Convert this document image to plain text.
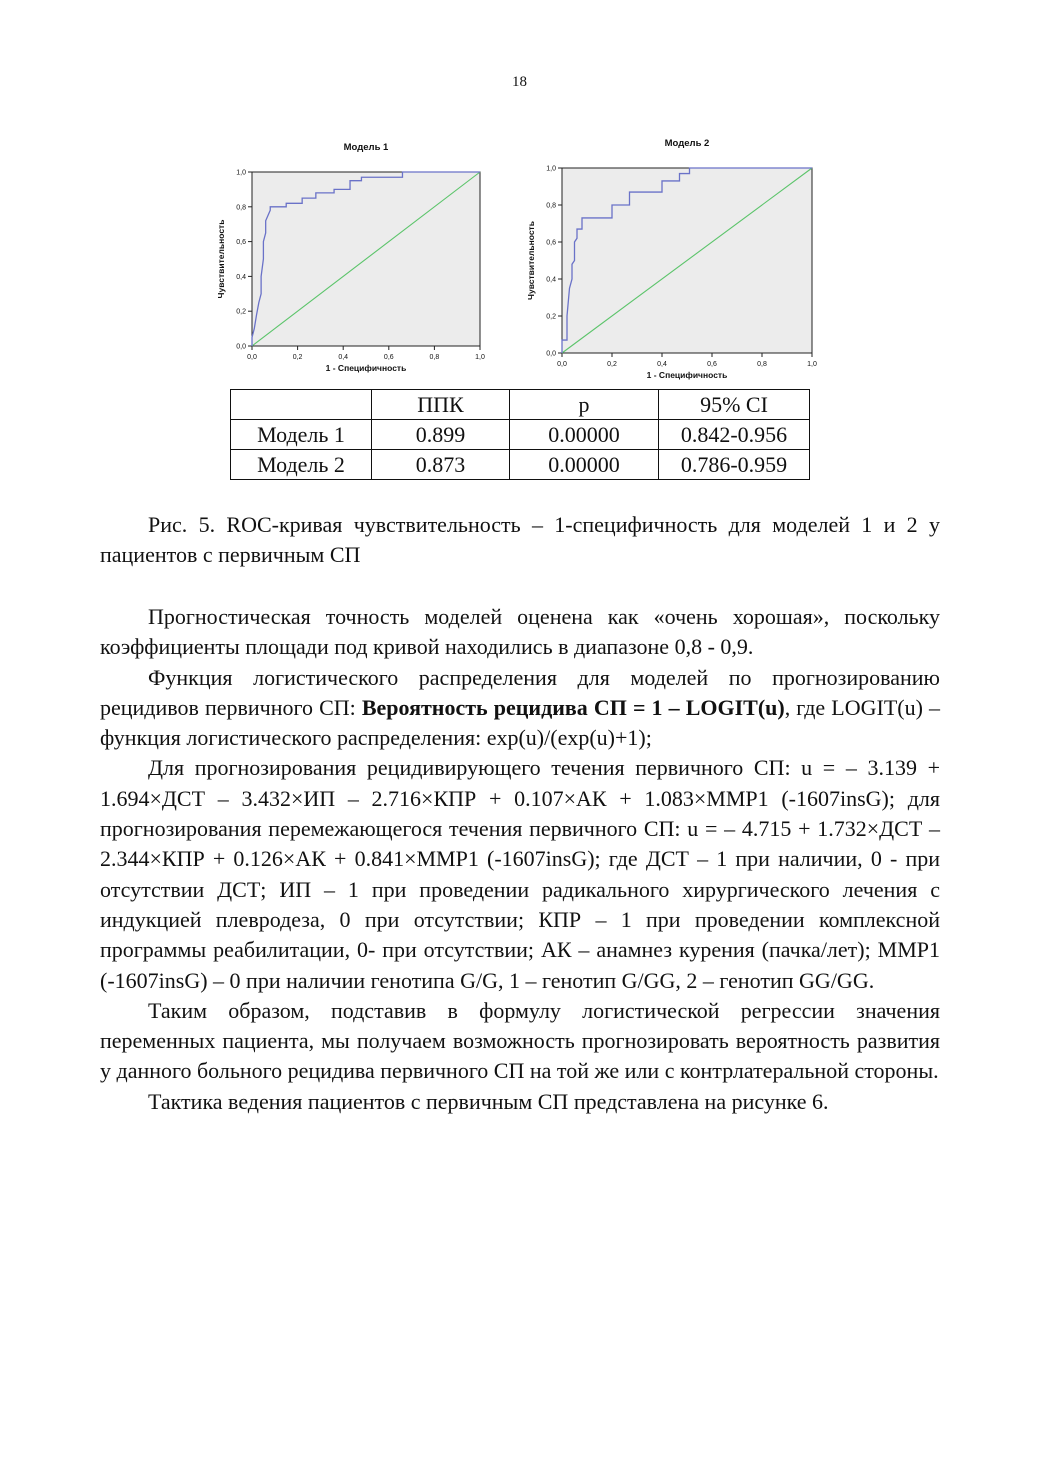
18
Модель 1
0,0	0,2	0,4	0,6	0,8	1,0
0,0
0,2
0,4
0,6
0,8
1,0
1 - Специфичность
Чувствительность
Модель 2
0,0	0,2	0,4	0,6	0,8	1,0
0,0
0,2
0,4
0,6
0,8
1,0
1 - Специфичность
Чувствительность
	ППК	p	95% CI
Модель 1	0.899	0.00000	0.842-0.956
Модель 2	0.873	0.00000	0.786-0.959

Рис. 5. ROC-кривая чувствительность – 1-специфичность для моделей 1 и 2 у пациентов с первичным СП

Прогностическая точность моделей оценена как «очень хорошая», поскольку коэффициенты площади под кривой находились в диапазоне 0,8 - 0,9.

Функция логистического распределения для моделей по прогнозированию рецидивов первичного СП: Вероятность рецидива СП = 1 – LOGIT(u), где LOGIT(u) – функция логистического распределения: exp(u)/(exp(u)+1);

Для прогнозирования рецидивирующего течения первичного СП: u = – 3.139 + 1.694×ДСТ – 3.432×ИП – 2.716×КПР + 0.107×АК + 1.083×ММР1 (-1607insG); для прогнозирования перемежающегося течения первичного СП: u = – 4.715 + 1.732×ДСТ – 2.344×КПР + 0.126×АК + 0.841×ММР1 (-1607insG); где ДСТ – 1 при наличии, 0 - при отсутствии ДСТ; ИП – 1 при проведении радикального хирургического лечения с индукцией плевродеза, 0 при отсутствии; КПР – 1 при проведении комплексной программы реабилитации, 0- при отсутствии; АК – анамнез курения (пачка/лет); ММР1 (-1607insG) – 0 при наличии генотипа G/G, 1 – генотип G/GG, 2 – генотип GG/GG.

Таким образом, подставив в формулу логистической регрессии значения переменных пациента, мы получаем возможность прогнозировать вероятность развития у данного больного рецидива первичного СП на той же или с контрлатеральной стороны.

Тактика ведения пациентов с первичным СП представлена на рисунке 6.
